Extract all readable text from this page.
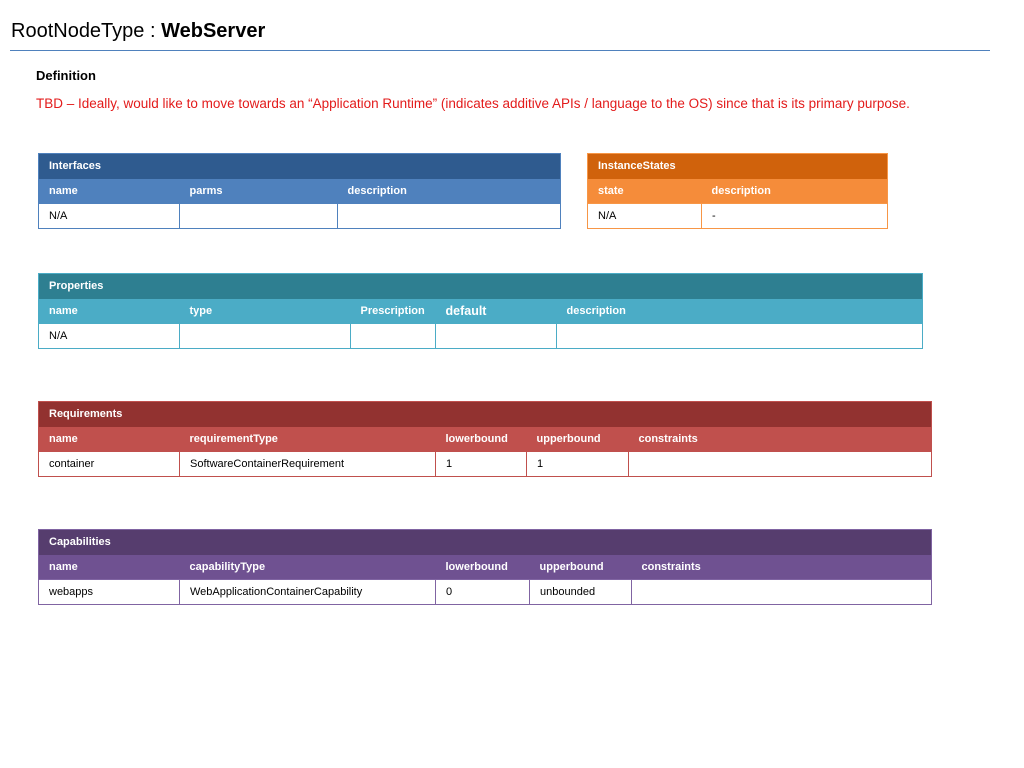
RootNodeType : WebServer
Definition
TBD – Ideally, would like to move towards an “Application Runtime” (indicates additive APIs / language to the OS) since that is its primary purpose.
Interfaces		
name	parms	description
N/A		
InstanceStates	
state	description
N/A	-
Properties				
name	type	Prescription	default	description
N/A				
Requirements				
name	requirementType	lowerbound	upperbound	constraints
container	SoftwareContainerRequirement	1	1	
Capabilities				
name	capabilityType	lowerbound	upperbound	constraints
webapps	WebApplicationContainerCapability	0	unbounded	
